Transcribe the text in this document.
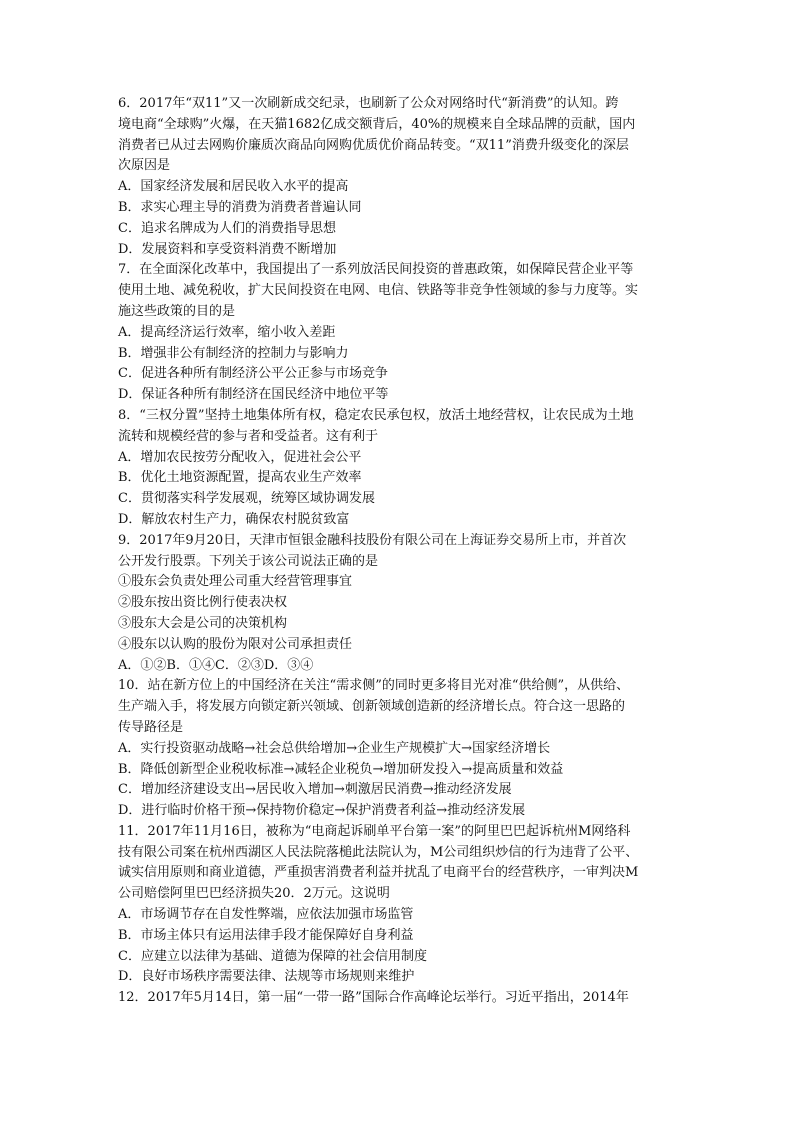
6．2017年“双11”又一次刷新成交纪录，也刷新了公众对网络时代“新消费”的认知。跨
境电商“全球购”火爆，在天猫1682亿成交额背后，40%的规模来自全球品牌的贡献，国内
消费者已从过去网购价廉质次商品向网购优质优价商品转变。“双11”消费升级变化的深层
次原因是
A．国家经济发展和居民收入水平的提高
B．求实心理主导的消费为消费者普遍认同
C．追求名牌成为人们的消费指导思想
D．发展资料和享受资料消费不断增加
7．在全面深化改革中，我国提出了一系列放活民间投资的普惠政策，如保障民营企业平等
使用土地、减免税收，扩大民间投资在电网、电信、铁路等非竞争性领域的参与力度等。实
施这些政策的目的是
A．提高经济运行效率，缩小收入差距
B．增强非公有制经济的控制力与影响力
C．促进各种所有制经济公平公正参与市场竞争
D．保证各种所有制经济在国民经济中地位平等
8．“三权分置”坚持土地集体所有权，稳定农民承包权，放活土地经营权，让农民成为土地
流转和规模经营的参与者和受益者。这有利于
A．增加农民按劳分配收入，促进社会公平
B．优化土地资源配置，提高农业生产效率
C．贯彻落实科学发展观，统筹区域协调发展
D．解放农村生产力，确保农村脱贫致富
9．2017年9月20日，天津市恒银金融科技股份有限公司在上海证券交易所上市，并首次
公开发行股票。下列关于该公司说法正确的是
①股东会负责处理公司重大经营管理事宜
②股东按出资比例行使表决权
③股东大会是公司的决策机构
④股东以认购的股份为限对公司承担责任
A．①②B．①④C．②③D．③④
10．站在新方位上的中国经济在关注“需求侧”的同时更多将目光对准“供给侧”，从供给、
生产端入手，将发展方向锁定新兴领域、创新领域创造新的经济增长点。符合这一思路的
传导路径是
A．实行投资驱动战略→社会总供给增加→企业生产规模扩大→国家经济增长
B．降低创新型企业税收标准→减轻企业税负→增加研发投入→提高质量和效益
C．增加经济建设支出→居民收入增加→刺激居民消费→推动经济发展
D．进行临时价格干预→保持物价稳定→保护消费者利益→推动经济发展
11．2017年11月16日，被称为“电商起诉刷单平台第一案”的阿里巴巴起诉杭州M网络科
技有限公司案在杭州西湖区人民法院落槌此法院认为，M公司组织炒信的行为违背了公平、
诚实信用原则和商业道德，严重损害消费者利益并扰乱了电商平台的经营秩序，一审判决M
公司赔偿阿里巴巴经济损失20．2万元。这说明
A．市场调节存在自发性弊端，应依法加强市场监管
B．市场主体只有运用法律手段才能保障好自身利益
C．应建立以法律为基础、道德为保障的社会信用制度
D．良好市场秩序需要法律、法规等市场规则来维护
12．2017年5月14日，第一届“一带一路”国际合作高峰论坛举行。习近平指出，2014年
